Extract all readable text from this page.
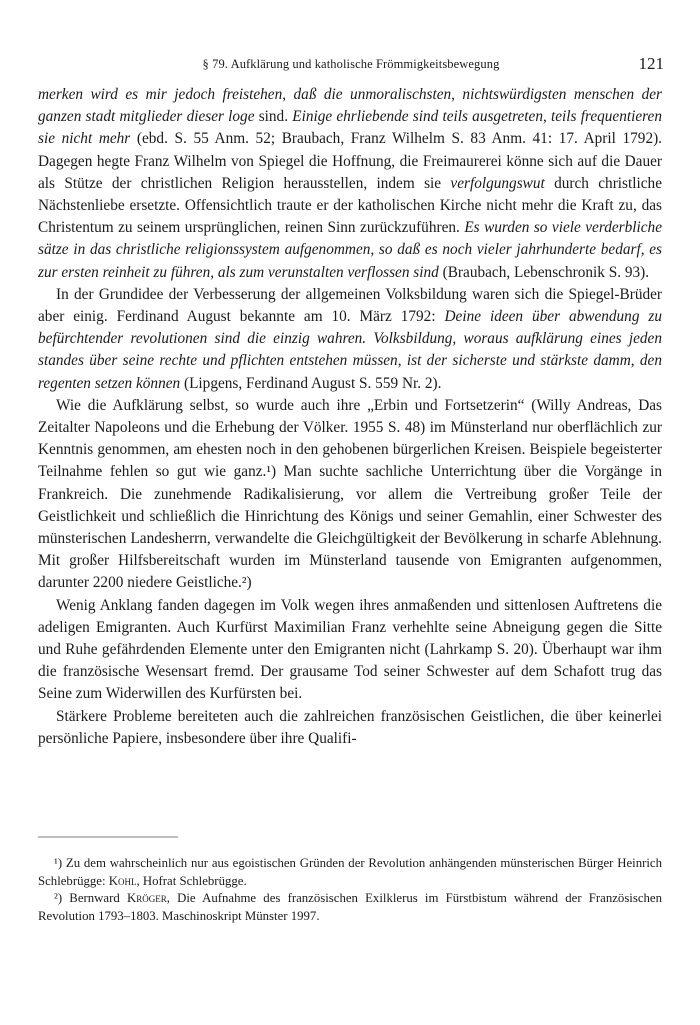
§ 79. Aufklärung und katholische Frömmigkeitsbewegung	121

merken wird es mir jedoch freistehen, daß die unmoralischsten, nichtswürdigsten menschen der ganzen stadt mitglieder dieser loge sind. Einige ehrliebende sind teils ausgetreten, teils frequentieren sie nicht mehr (ebd. S. 55 Anm. 52; Braubach, Franz Wilhelm S. 83 Anm. 41: 17. April 1792). Dagegen hegte Franz Wilhelm von Spiegel die Hoffnung, die Freimaurerei könne sich auf die Dauer als Stütze der christlichen Religion herausstellen, indem sie verfolgungswut durch christliche Nächstenliebe ersetzte. Offensichtlich traute er der katholischen Kirche nicht mehr die Kraft zu, das Christentum zu seinem ursprünglichen, reinen Sinn zurückzuführen. Es wurden so viele verderbliche sätze in das christliche religionssystem aufgenommen, so daß es noch vieler jahrhunderte bedarf, es zur ersten reinheit zu führen, als zum verunstalten verflossen sind (Braubach, Lebenschronik S. 93).

In der Grundidee der Verbesserung der allgemeinen Volksbildung waren sich die Spiegel-Brüder aber einig. Ferdinand August bekannte am 10. März 1792: Deine ideen über abwendung zu befürchtender revolutionen sind die einzig wahren. Volksbildung, woraus aufklärung eines jeden standes über seine rechte und pflichten entstehen müssen, ist der sicherste und stärkste damm, den regenten setzen können (Lipgens, Ferdinand August S. 559 Nr. 2).

Wie die Aufklärung selbst, so wurde auch ihre „Erbin und Fortsetzerin“ (Willy Andreas, Das Zeitalter Napoleons und die Erhebung der Völker. 1955 S. 48) im Münsterland nur oberflächlich zur Kenntnis genommen, am ehesten noch in den gehobenen bürgerlichen Kreisen. Beispiele begeisterter Teilnahme fehlen so gut wie ganz.¹) Man suchte sachliche Unterrichtung über die Vorgänge in Frankreich. Die zunehmende Radikalisierung, vor allem die Vertreibung großer Teile der Geistlichkeit und schließlich die Hinrichtung des Königs und seiner Gemahlin, einer Schwester des münsterischen Landesherrn, verwandelte die Gleichgültigkeit der Bevölkerung in scharfe Ablehnung. Mit großer Hilfsbereitschaft wurden im Münsterland tausende von Emigranten aufgenommen, darunter 2200 niedere Geistliche.²)

Wenig Anklang fanden dagegen im Volk wegen ihres anmaßenden und sittenlosen Auftretens die adeligen Emigranten. Auch Kurfürst Maximilian Franz verhehlte seine Abneigung gegen die Sitte und Ruhe gefährdenden Elemente unter den Emigranten nicht (Lahrkamp S. 20). Überhaupt war ihm die französische Wesensart fremd. Der grausame Tod seiner Schwester auf dem Schafott trug das Seine zum Widerwillen des Kurfürsten bei.

Stärkere Probleme bereiteten auch die zahlreichen französischen Geistlichen, die über keinerlei persönliche Papiere, insbesondere über ihre Qualifi-

¹) Zu dem wahrscheinlich nur aus egoistischen Gründen der Revolution anhängenden münsterischen Bürger Heinrich Schlebrügge: Kohl, Hofrat Schlebrügge.

²) Bernward Kröger, Die Aufnahme des französischen Exilklerus im Fürstbistum während der Französischen Revolution 1793–1803. Maschinoskript Münster 1997.
